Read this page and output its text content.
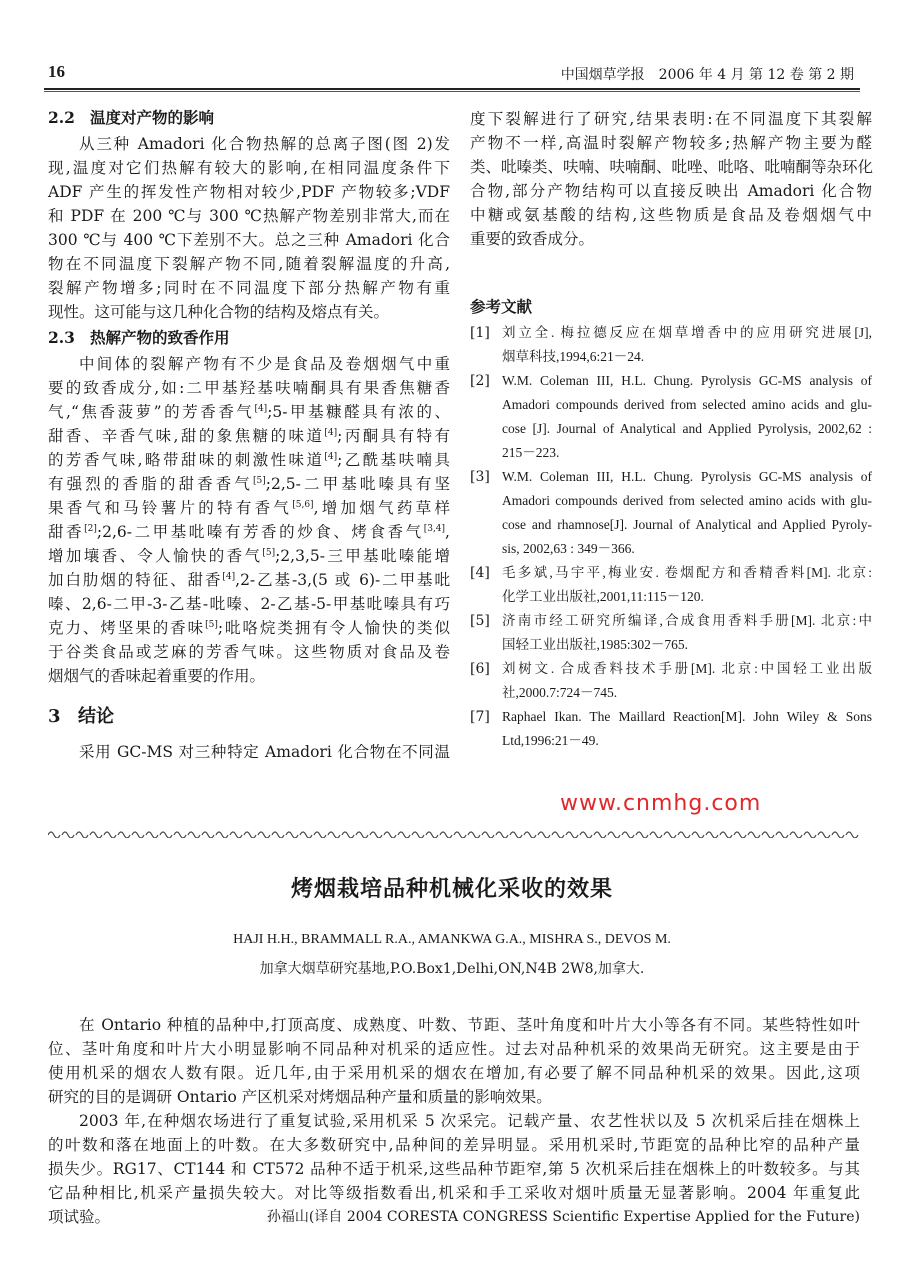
16	中国烟草学报　2006 年 4 月 第 12 卷 第 2 期
2.2 温度对产物的影响
从三种 Amadori 化合物热解的总离子图(图 2)发
现,温度对它们热解有较大的影响,在相同温度条件下
ADF 产生的挥发性产物相对较少,PDF 产物较多;VDF
和 PDF 在 200 ℃与 300 ℃热解产物差别非常大,而在
300 ℃与 400 ℃下差别不大。总之三种 Amadori 化合
物在不同温度下裂解产物不同,随着裂解温度的升高,
裂解产物增多;同时在不同温度下部分热解产物有重
现性。这可能与这几种化合物的结构及熔点有关。
2.3 热解产物的致香作用
中间体的裂解产物有不少是食品及卷烟烟气中重
要的致香成分,如:二甲基羟基呋喃酮具有果香焦糖香
气,“焦香菠萝”的芳香香气[4];5-甲基糠醛具有浓的、
甜香、辛香气味,甜的象焦糖的味道[4];丙酮具有特有
的芳香气味,略带甜味的刺激性味道[4];乙酰基呋喃具
有强烈的香脂的甜香香气[5];2,5-二甲基吡嗪具有坚
果香气和马铃薯片的特有香气[5,6],增加烟气药草样
甜香[2];2,6-二甲基吡嗪有芳香的炒食、烤食香气[3,4],
增加壤香、令人愉快的香气[5];2,3,5-三甲基吡嗪能增
加白肋烟的特征、甜香[4],2-乙基-3,(5 或 6)-二甲基吡
嗪、2,6-二甲-3-乙基-吡嗪、2-乙基-5-甲基吡嗪具有巧
克力、烤坚果的香味[5];吡咯烷类拥有令人愉快的类似
于谷类食品或芝麻的芳香气味。这些物质对食品及卷
烟烟气的香味起着重要的作用。
3 结论
采用 GC-MS 对三种特定 Amadori 化合物在不同温
度下裂解进行了研究,结果表明:在不同温度下其裂解
产物不一样,高温时裂解产物较多;热解产物主要为醛
类、吡嗪类、呋喃、呋喃酮、吡唑、吡咯、吡喃酮等杂环化
合物,部分产物结构可以直接反映出 Amadori 化合物
中糖或氨基酸的结构,这些物质是食品及卷烟烟气中
重要的致香成分。
参考文献
[1] 刘立全. 梅拉德反应在烟草增香中的应用研究进展[J],
烟草科技,1994,6:21－24.
[2] W.M. Coleman III, H.L. Chung. Pyrolysis GC-MS analysis of
Amadori compounds derived from selected amino acids and glu-
cose [J]. Journal of Analytical and Applied Pyrolysis, 2002,62 :
215－223.
[3] W.M. Coleman III, H.L. Chung. Pyrolysis GC-MS analysis of
Amadori compounds derived from selected amino acids with glu-
cose and rhamnose[J]. Journal of Analytical and Applied Pyroly-
sis, 2002,63 : 349－366.
[4] 毛多斌,马宇平,梅业安. 卷烟配方和香精香料[M]. 北京:
化学工业出版社,2001,11:115－120.
[5] 济南市经工研究所编译,合成食用香料手册[M]. 北京:中
国轻工业出版社,1985:302－765.
[6] 刘树文. 合成香料技术手册[M]. 北京:中国轻工业出版
社,2000.7:724－745.
[7] Raphael Ikan. The Maillard Reaction[M]. John Wiley & Sons
Ltd,1996:21－49.
烤烟栽培品种机械化采收的效果
HAJI H.H., BRAMMALL R.A., AMANKWA G.A., MISHRA S., DEVOS M.
加拿大烟草研究基地,P.O.Box1,Delhi,ON,N4B 2W8,加拿大.
在 Ontario 种植的品种中,打顶高度、成熟度、叶数、节距、茎叶角度和叶片大小等各有不同。某些特性如叶
位、茎叶角度和叶片大小明显影响不同品种对机采的适应性。过去对品种机采的效果尚无研究。这主要是由于
使用机采的烟农人数有限。近几年,由于采用机采的烟农在增加,有必要了解不同品种机采的效果。因此,这项
研究的目的是调研 Ontario 产区机采对烤烟品种产量和质量的影响效果。
2003 年,在种烟农场进行了重复试验,采用机采 5 次采完。记载产量、农艺性状以及 5 次机采后挂在烟株上
的叶数和落在地面上的叶数。在大多数研究中,品种间的差异明显。采用机采时,节距宽的品种比窄的品种产量
损失少。RG17、CT144 和 CT572 品种不适于机采,这些品种节距窄,第 5 次机采后挂在烟株上的叶数较多。与其
它品种相比,机采产量损失较大。对比等级指数看出,机采和手工采收对烟叶质量无显著影响。2004 年重复此
项试验。	孙福山(译自 2004 CORESTA CONGRESS Scientific Expertise Applied for the Future)
www.cnmhg.com
